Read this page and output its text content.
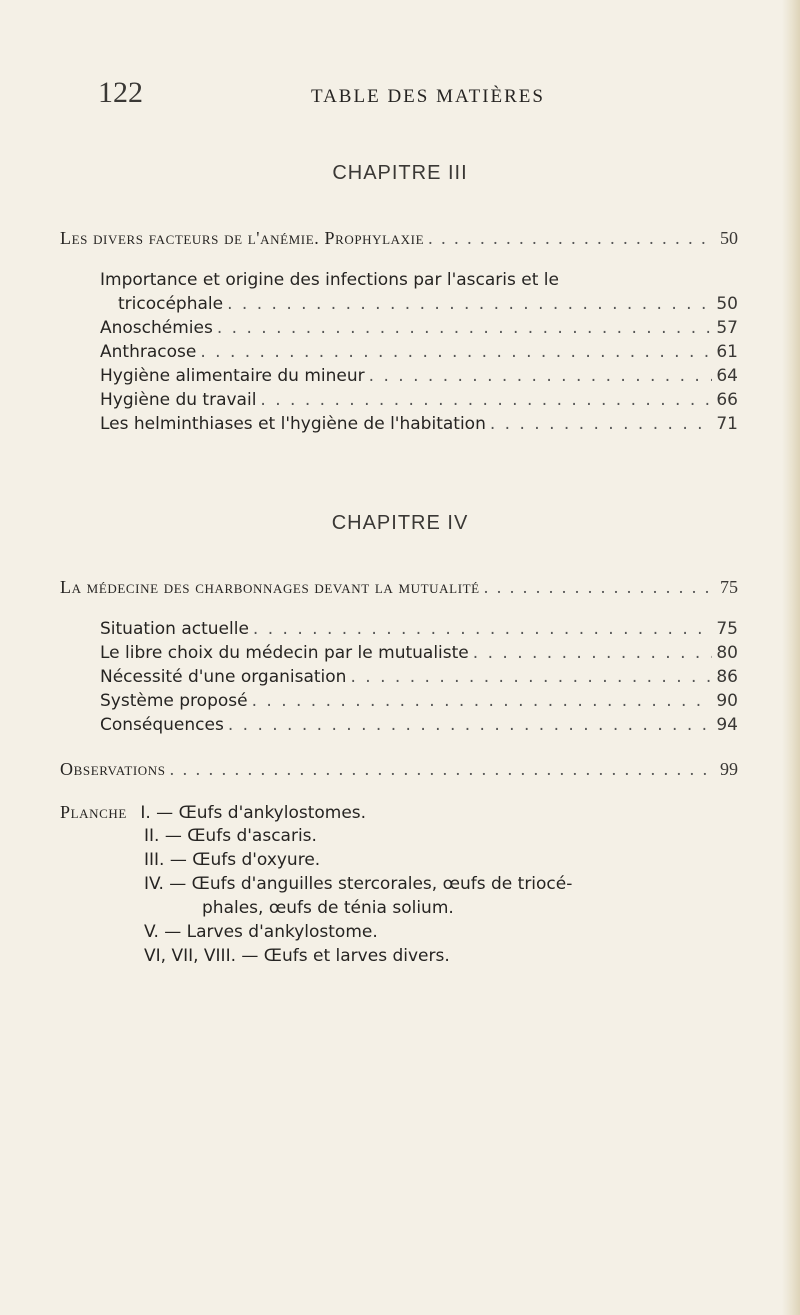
122	TABLE DES MATIÈRES
CHAPITRE III
Les divers facteurs de l'anémie. Prophylaxie . . .	50
Importance et origine des infections par l'ascaris et le
tricocéphale . . .	50
Anoschémies . . .	57
Anthracose . . .	61
Hygiène alimentaire du mineur . . .	64
Hygiène du travail . . .	66
Les helminthiases et l'hygiène de l'habitation . . .	71
CHAPITRE IV
La médecine des charbonnages devant la mutualité . . .	75
Situation actuelle . . .	75
Le libre choix du médecin par le mutualiste . . .	80
Nécessité d'une organisation . . .	86
Système proposé . . .	90
Conséquences . . .	94
Observations . . .	99
Planche I. — Œufs d'ankylostomes.
II. — Œufs d'ascaris.
III. — Œufs d'oxyure.
IV. — Œufs d'anguilles stercorales, œufs de triocé-
phales, œufs de ténia solium.
V. — Larves d'ankylostome.
VI, VII, VIII. — Œufs et larves divers.
